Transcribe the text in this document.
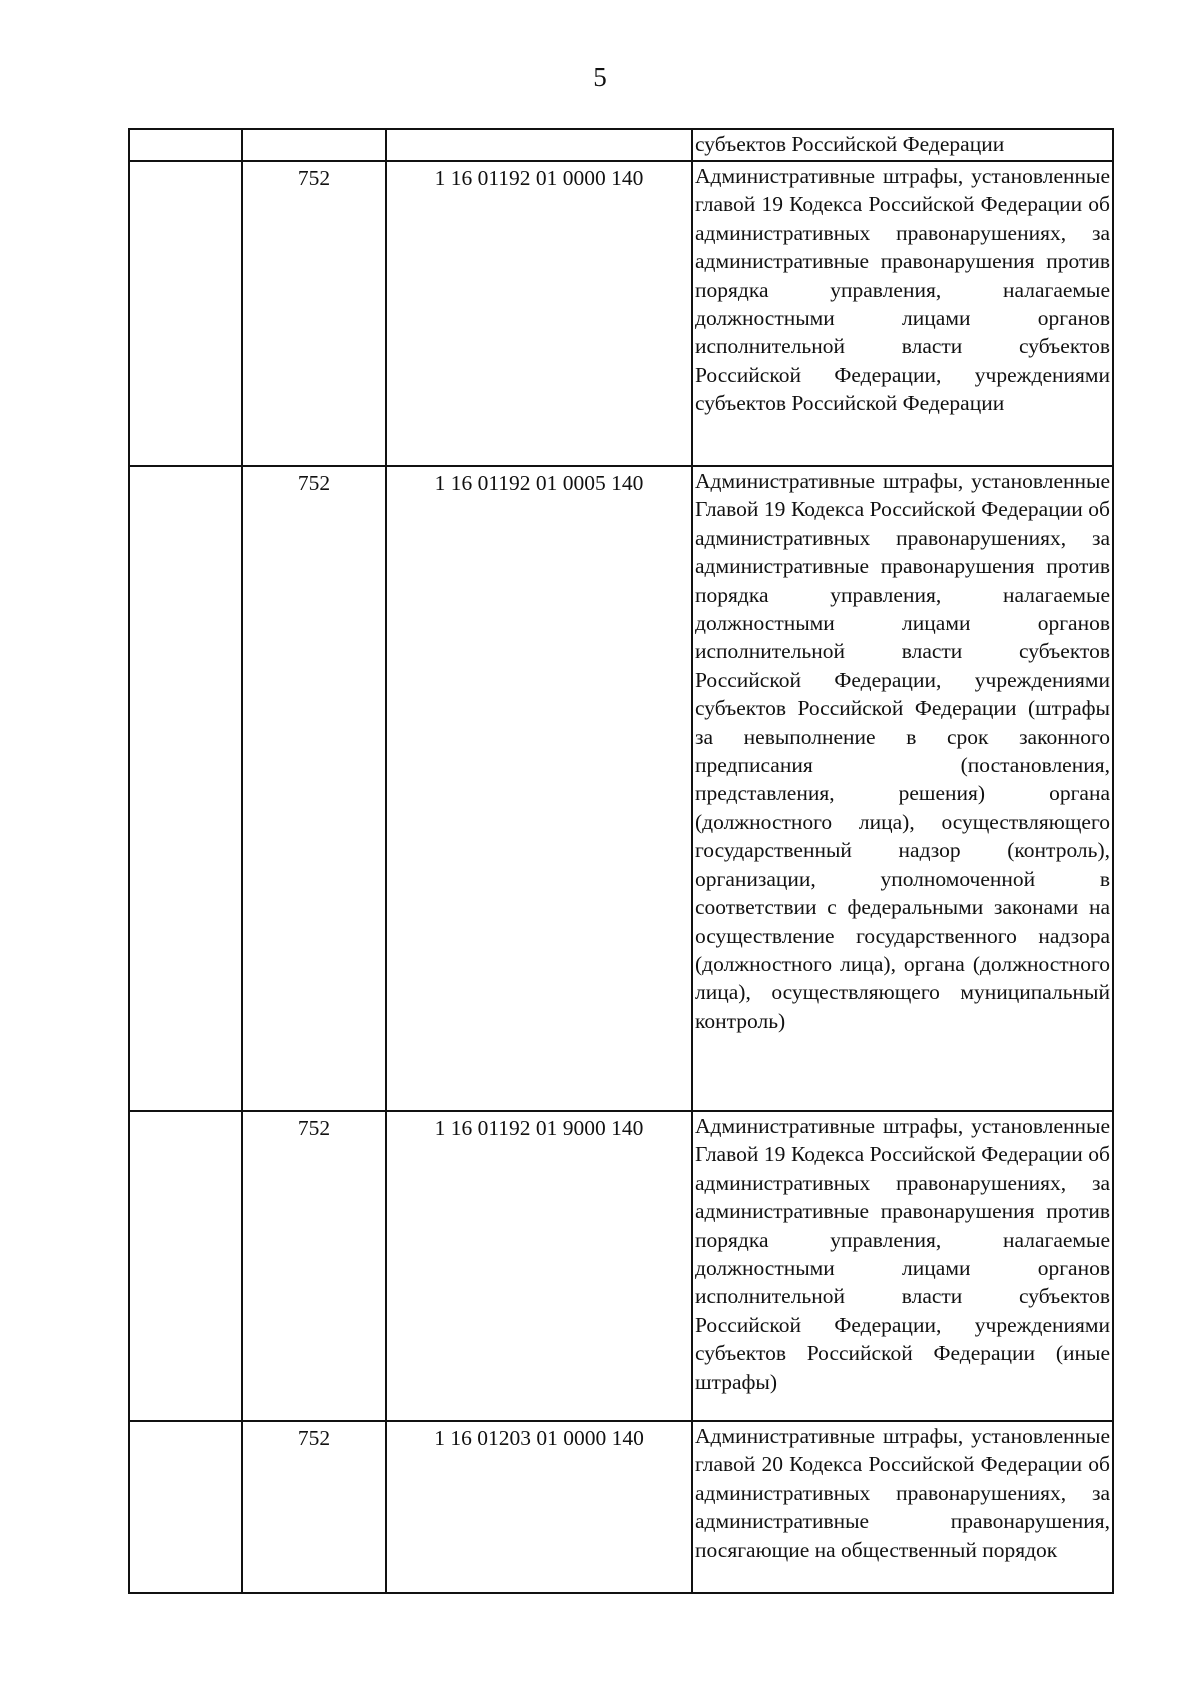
5
			субъектов Российской Федерации
	752	1 16 01192 01 0000 140	Административные штрафы, установленные главой 19 Кодекса Российской Федерации об административных правонарушениях, за административные правонарушения против порядка управления, налагаемые должностными лицами органов исполнительной власти субъектов Российской Федерации, учреждениями субъектов Российской Федерации
	752	1 16 01192 01 0005 140	Административные штрафы, установленные Главой 19 Кодекса Российской Федерации об административных правонарушениях, за административные правонарушения против порядка управления, налагаемые должностными лицами органов исполнительной власти субъектов Российской Федерации, учреждениями субъектов Российской Федерации (штрафы за невыполнение в срок законного предписания (постановления, представления, решения) органа (должностного лица), осуществляющего государственный надзор (контроль), организации, уполномоченной в соответствии с федеральными законами на осуществление государственного надзора (должностного лица), органа (должностного лица), осуществляющего муниципальный контроль)
	752	1 16 01192 01 9000 140	Административные штрафы, установленные Главой 19 Кодекса Российской Федерации об административных правонарушениях, за административные правонарушения против порядка управления, налагаемые должностными лицами органов исполнительной власти субъектов Российской Федерации, учреждениями субъектов Российской Федерации (иные штрафы)
	752	1 16 01203 01 0000 140	Административные штрафы, установленные главой 20 Кодекса Российской Федерации об административных правонарушениях, за административные правонарушения, посягающие на общественный порядок
